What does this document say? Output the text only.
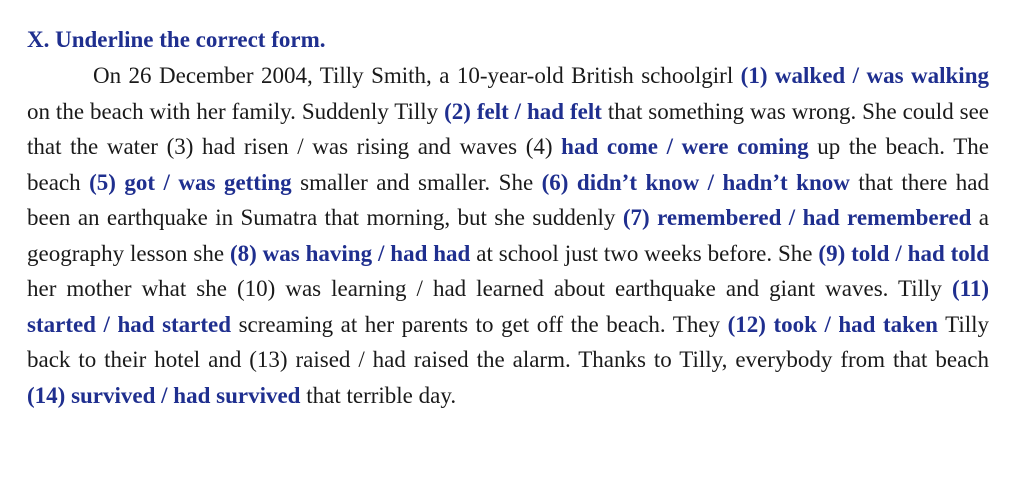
X. Underline the correct form.

On 26 December 2004, Tilly Smith, a 10-year-old British schoolgirl (1) walked / was walking on the beach with her family. Suddenly Tilly (2) felt / had felt that something was wrong. She could see that the water (3) had risen / was rising and waves (4) had come / were coming up the beach. The beach (5) got / was getting smaller and smaller. She (6) didn’t know / hadn’t know that there had been an earthquake in Sumatra that morning, but she suddenly (7) remembered / had remembered a geography lesson she (8) was having / had had at school just two weeks before. She (9) told / had told her mother what she (10) was learning / had learned about earthquake and giant waves. Tilly (11) started / had started screaming at her parents to get off the beach. They (12) took / had taken Tilly back to their hotel and (13) raised / had raised the alarm. Thanks to Tilly, everybody from that beach (14) survived / had survived that terrible day.
